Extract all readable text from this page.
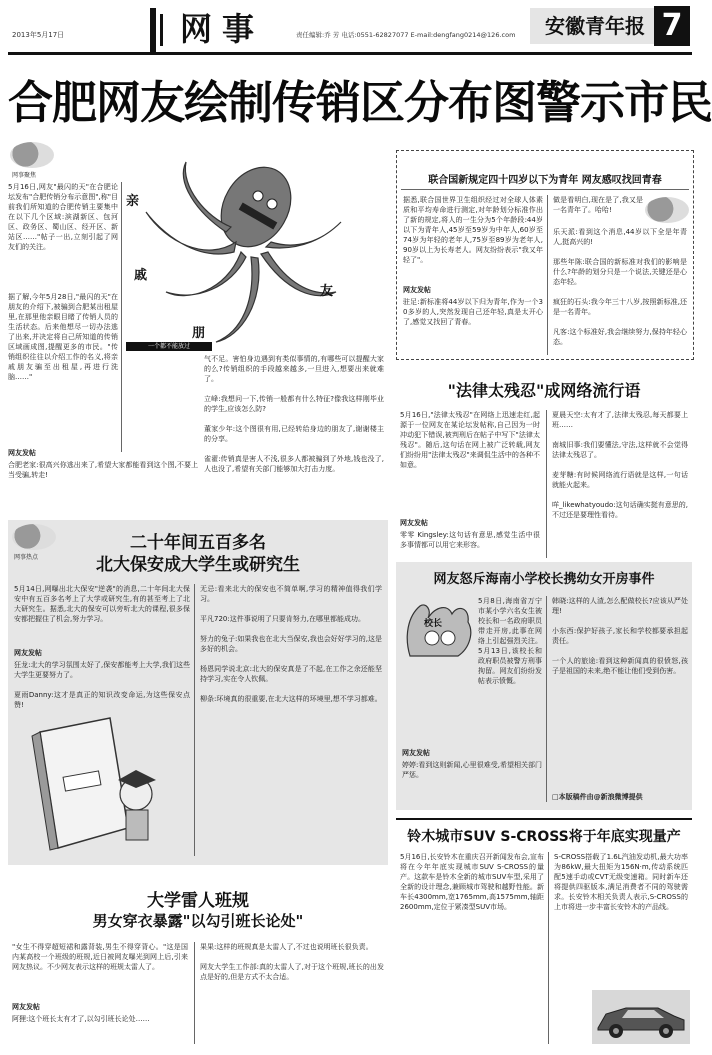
2013年5月17日	网事	责任编辑:乔 芳 电话:0551-62827077 E-mail:dengfang0214@126.com	安徽青年报 7
合肥网友绘制传销区分布图警示市民
网事聚焦
5月16日,网友"最闪的天"在合肥论坛发布"合肥传销分布示意图",称"目前我们所知道的合肥传销主要集中在以下几个区域:滨湖新区、包河区、政务区、蜀山区、经开区、新站区……"帖子一出,立刻引起了网友们的关注。
据了解,今年5月28日,"最闪的天"在朋友的介绍下,被骗到合肥某出租屋里,在那里他亲眼目睹了传销人员的生活状态。后来他想尽一切办法逃了出来,并决定将自己所知道的传销区域画成图,提醒更多的市民。"传销组织往往以介绍工作的名义,将亲戚朋友骗至出租屋,再进行洗脑……"
网友发帖
合肥老家:很高兴你逃出来了,希望大家都能看到这个图,不要上当受骗,转走!
亲
戚
友
朋
一个都不能放过
气不足。害怕身边遇到有类似事情的,有哪些可以提醒大家的么?传销组织的手段越来越多,一旦进入,想要出来就难了。
立峰:我想问一下,传销一般都有什么特征?像我这样刚毕业的学生,应该怎么防?

董家少年:这个图很有用,已经转给身边的朋友了,谢谢楼主的分享。

雀翟:传销真是害人不浅,很多人都被骗到了外地,钱也没了,人也没了,希望有关部门能够加大打击力度。
联合国新规定四十四岁以下为青年 网友感叹找回青春
据悉,联合国世界卫生组织经过对全球人体素质和平均寿命进行测定,对年龄划分标准作出了新的规定,将人的一生分为5个年龄段:44岁以下为青年人,45岁至59岁为中年人,60岁至74岁为年轻的老年人,75岁至89岁为老年人,90岁以上为长寿老人。网友纷纷表示"我又年轻了"。
网友发帖
驻足:新标准将44岁以下归为青年,作为一个30多岁的人,突然发现自己还年轻,真是太开心了,感觉又找回了青春。
做是看明白,现在是了,我又是一名青年了。哈哈!
乐天派:看到这个消息,44岁以下全是年青人,挺高兴的!

那些年陈:联合国的新标准对我们的影响是什么?年龄的划分只是一个说法,关键还是心态年轻。

疯狂的石头:我今年三十八岁,按照新标准,还是一名青年。

凡客:这个标准好,我会继续努力,保持年轻心态。
"法律太残忍"成网络流行语
5月16日,"法律太残忍"在网络上迅速走红,起源于一位网友在某论坛发帖称,自己因为一时冲动犯下错误,被判刑后在帖子中写下"法律太残忍"。随后,这句话在网上被广泛转载,网友们纷纷用"法律太残忍"来调侃生活中的各种不如意。
网友发帖
零零 Kingsley:这句话有意思,感觉生活中很多事情都可以用它来形容。
夏晨天空:太有才了,法律太残忍,每天都要上班……

南城旧事:我们要懂法,守法,这样就不会觉得法律太残忍了。

麦芽糖:有时候网络流行语就是这样,一句话就能火起来。

咩_likewhatyoudo:这句话确实挺有意思的,不过还是要理性看待。
网友怒斥海南小学校长携幼女开房事件
校长
5月8日,海南省万宁市某小学六名女生被校长和一名政府职员带走开房,此事在网络上引起强烈关注。5月13日,该校长和政府职员被警方刑事拘留。网友们纷纷发帖表示愤慨。
网友发帖
婷婷:看到这则新闻,心里很难受,希望相关部门严惩。
韩晓:这样的人渣,怎么配做校长?应该从严处理!

小东西:保护好孩子,家长和学校都要承担起责任。

一个人的旅途:看到这种新闻真的很愤怒,孩子是祖国的未来,绝不能让他们受到伤害。
□本版稿件由@新浪微博提供
网事热点
二十年间五百多名
北大保安成大学生或研究生
5月14日,网曝出北大保安"逆袭"的消息,二十年间北大保安中有五百多名考上了大学或研究生,有的甚至考上了北大研究生。据悉,北大的保安可以旁听北大的课程,很多保安都把握住了机会,努力学习。
网友发帖
狂龙:北大的学习氛围太好了,保安都能考上大学,我们这些大学生更要努力了。

夏雨Danny:这才是真正的知识改变命运,为这些保安点赞!
无忌:看来北大的保安也不简单啊,学习的精神值得我们学习。

平凡720:这件事说明了只要肯努力,在哪里都能成功。

努力的兔子:如果我也在北大当保安,我也会好好学习的,这是多好的机会。

杨恩同学说北京:北大的保安真是了不起,在工作之余还能坚持学习,实在令人钦佩。

柳条:环境真的很重要,在北大这样的环境里,想不学习都难。
大学雷人班规
男女穿衣暴露"以勾引班长论处"
"女生不得穿超短裙和露背装,男生不得穿背心。"这是国内某高校一个班级的班规,近日被网友曝光到网上后,引来网友热议。不少网友表示这样的班规太雷人了。
网友发帖
阿狸:这个班长太有才了,以勾引班长论处……
果果:这样的班规真是太雷人了,不过也说明班长很负责。

网友大学生工作部:真的太雷人了,对于这个班规,班长的出发点是好的,但是方式不太合适。
铃木城市SUV S-CROSS将于年底实现量产
5月16日,长安铃木在重庆召开新闻发布会,宣布将在今年年底实现城市SUV S-CROSS的量产。这款车是铃木全新的城市SUV车型,采用了全新的设计理念,兼顾城市驾驶和越野性能。新车长4300mm,宽1765mm,高1575mm,轴距2600mm,定位于紧凑型SUV市场。
S-CROSS搭载了1.6L汽油发动机,最大功率为86kW,最大扭矩为156N·m,传动系统匹配5速手动或CVT无级变速箱。同时新车还将提供四驱版本,满足消费者不同的驾驶需求。长安铃木相关负责人表示,S-CROSS的上市将进一步丰富长安铃木的产品线。
